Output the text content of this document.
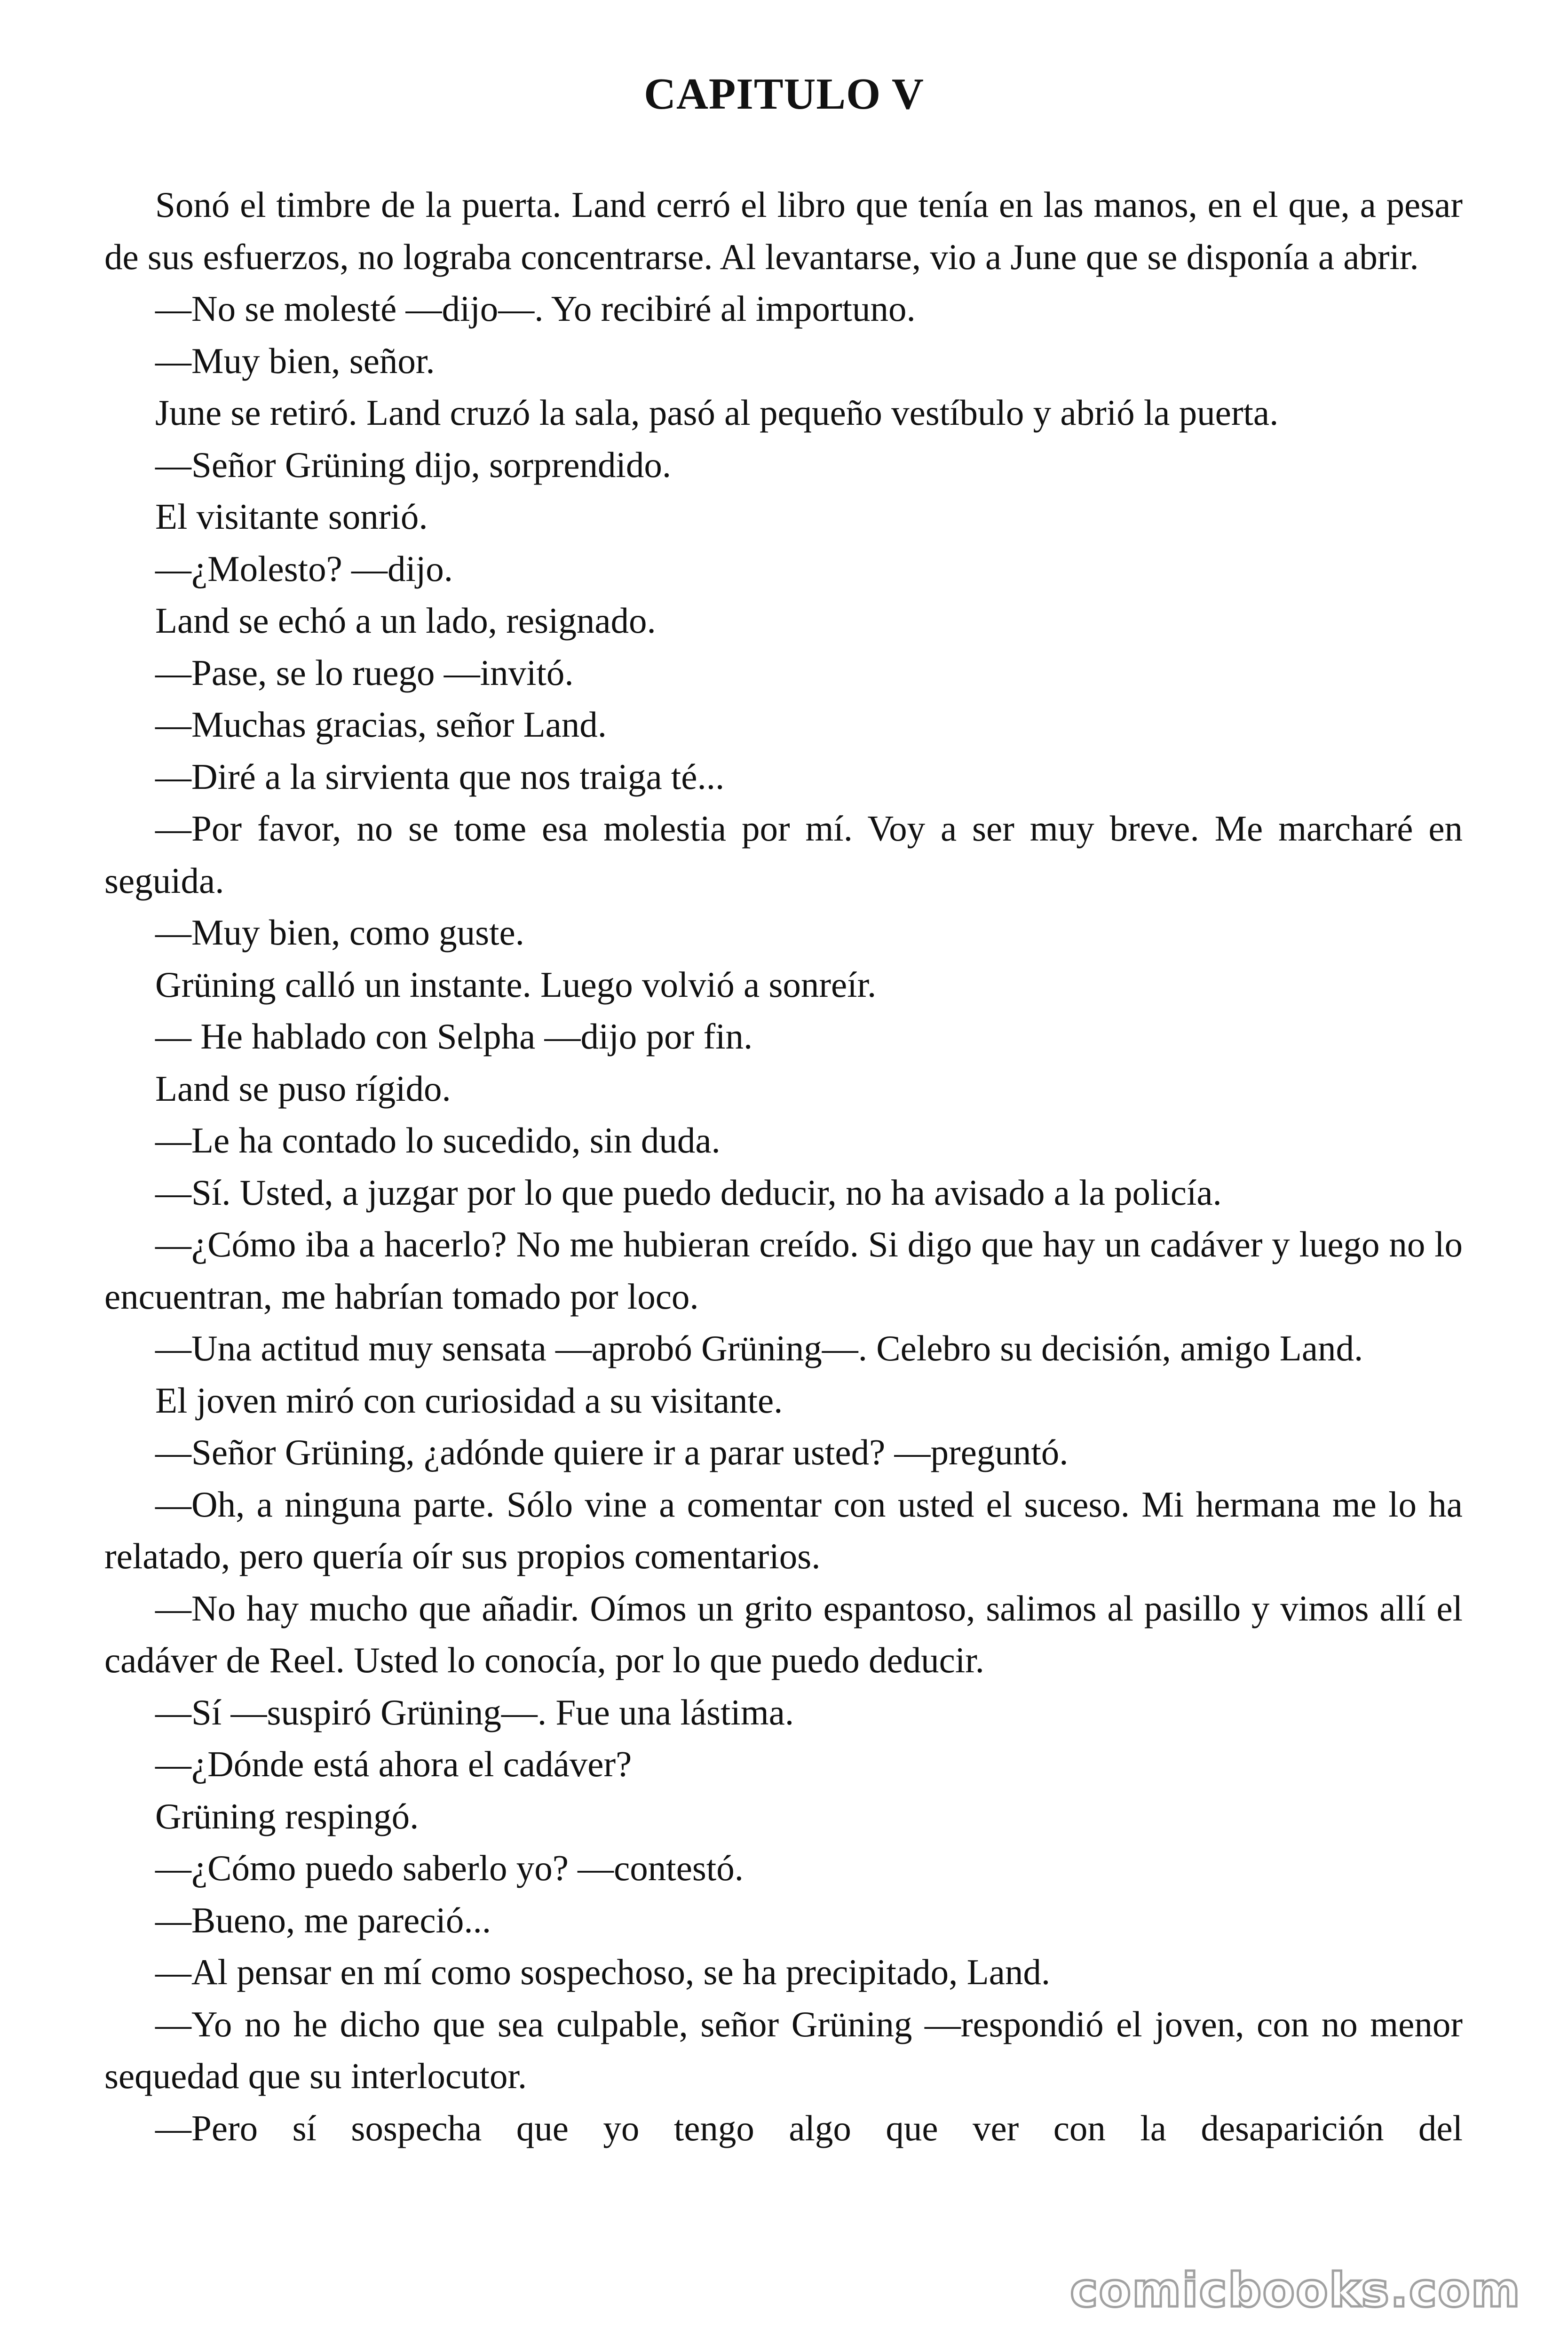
CAPITULO V

Sonó el timbre de la puerta. Land cerró el libro que tenía en las manos, en el que, a pesar de sus esfuerzos, no lograba concentrarse. Al levantarse, vio a June que se disponía a abrir.

—No se molesté —dijo—. Yo recibiré al importuno.

—Muy bien, señor.

June se retiró. Land cruzó la sala, pasó al pequeño vestíbulo y abrió la puerta.

—Señor Grüning dijo, sorprendido.

El visitante sonrió.

—¿Molesto? —dijo.

Land se echó a un lado, resignado.

—Pase, se lo ruego —invitó.

—Muchas gracias, señor Land.

—Diré a la sirvienta que nos traiga té...

—Por favor, no se tome esa molestia por mí. Voy a ser muy breve. Me marcharé en seguida.

—Muy bien, como guste.

Grüning calló un instante. Luego volvió a sonreír.

— He hablado con Selpha —dijo por fin.

Land se puso rígido.

—Le ha contado lo sucedido, sin duda.

—Sí. Usted, a juzgar por lo que puedo deducir, no ha avisado a la policía.

—¿Cómo iba a hacerlo? No me hubieran creído. Si digo que hay un cadáver y luego no lo encuentran, me habrían tomado por loco.

—Una actitud muy sensata —aprobó Grüning—. Celebro su decisión, amigo Land.

El joven miró con curiosidad a su visitante.

—Señor Grüning, ¿adónde quiere ir a parar usted? —preguntó.

—Oh, a ninguna parte. Sólo vine a comentar con usted el suceso. Mi hermana me lo ha relatado, pero quería oír sus propios comentarios.

—No hay mucho que añadir. Oímos un grito espantoso, salimos al pasillo y vimos allí el cadáver de Reel. Usted lo conocía, por lo que puedo deducir.

—Sí —suspiró Grüning—. Fue una lástima.

—¿Dónde está ahora el cadáver?

Grüning respingó.

—¿Cómo puedo saberlo yo? —contestó.

—Bueno, me pareció...

—Al pensar en mí como sospechoso, se ha precipitado, Land.

—Yo no he dicho que sea culpable, señor Grüning —respondió el joven, con no menor sequedad que su interlocutor.

—Pero sí sospecha que yo tengo algo que ver con la desaparición del

comicbooks.com
